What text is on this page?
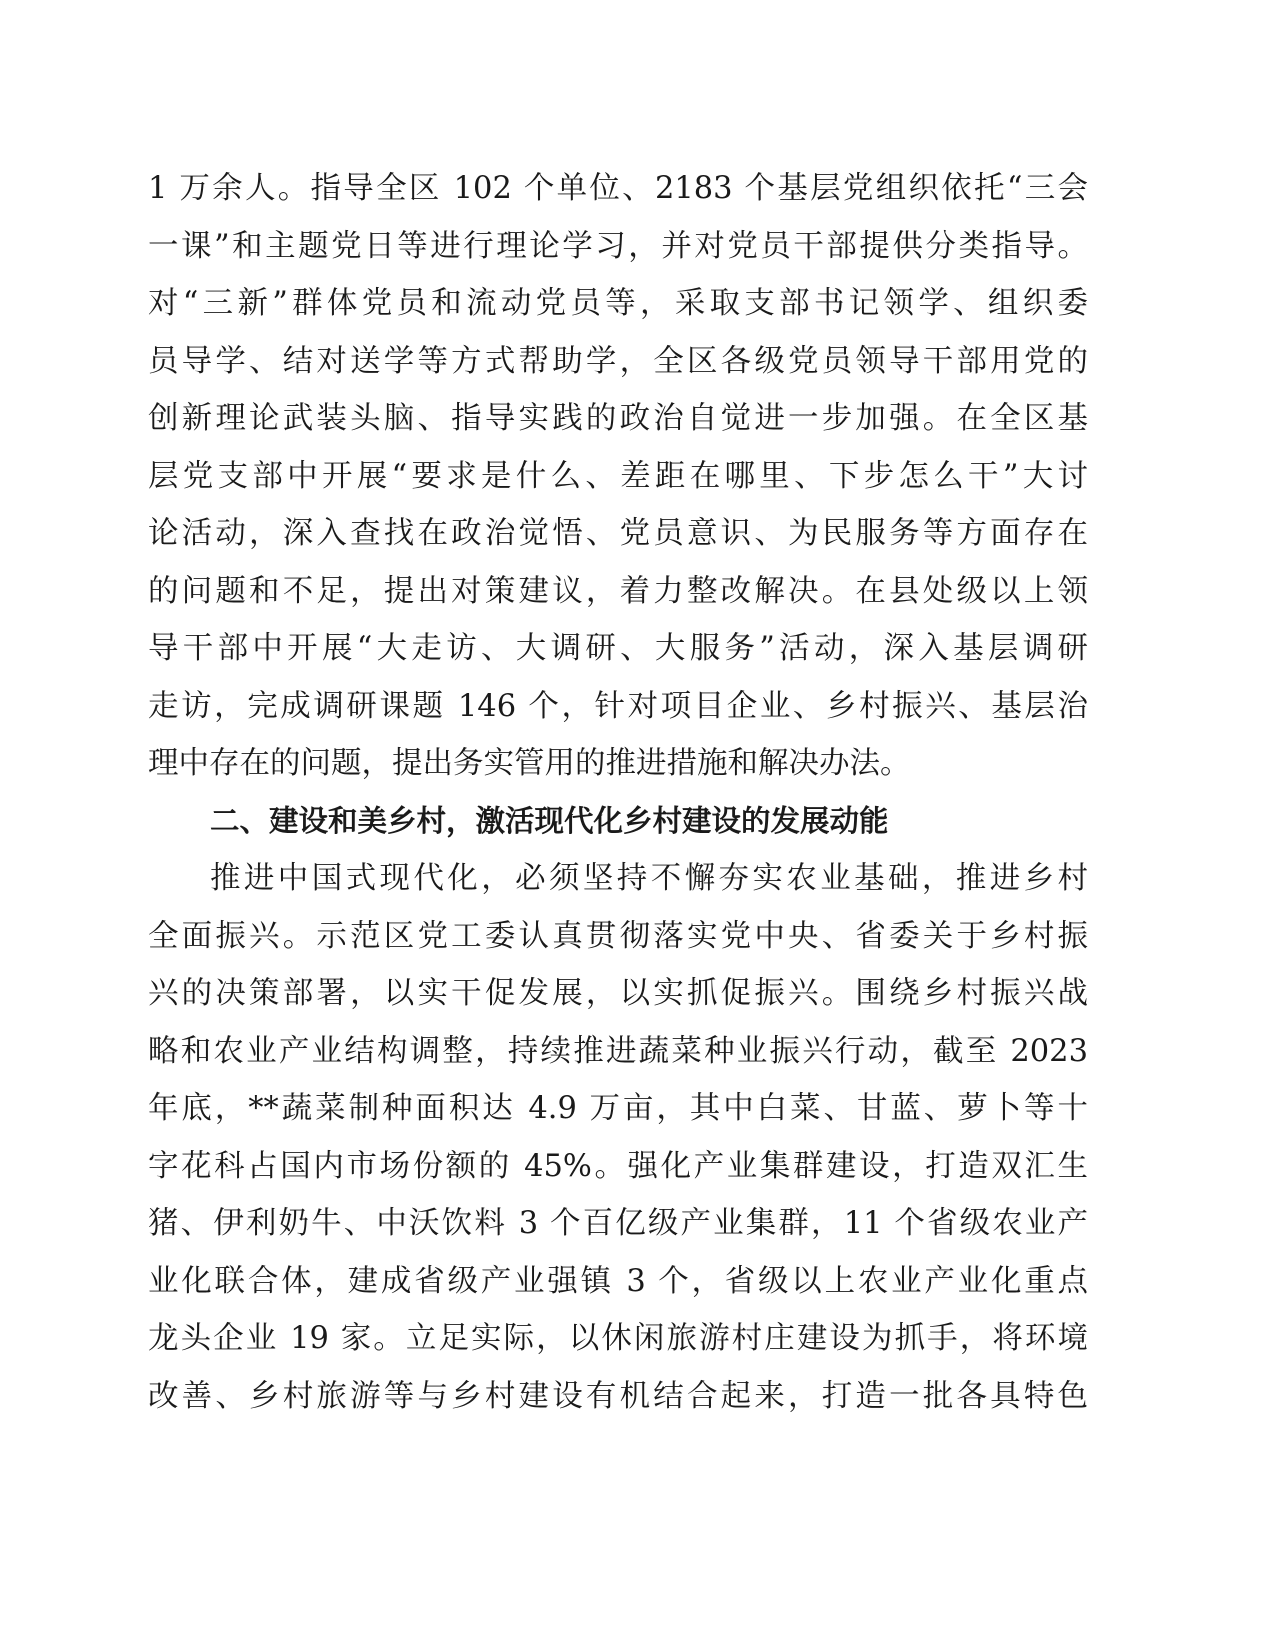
1 万余人。指导全区 102 个单位、2183 个基层党组织依托“三会
一课”和主题党日等进行理论学习，并对党员干部提供分类指导。
对“三新”群体党员和流动党员等，采取支部书记领学、组织委
员导学、结对送学等方式帮助学，全区各级党员领导干部用党的
创新理论武装头脑、指导实践的政治自觉进一步加强。在全区基
层党支部中开展“要求是什么、差距在哪里、下步怎么干”大讨
论活动，深入查找在政治觉悟、党员意识、为民服务等方面存在
的问题和不足，提出对策建议，着力整改解决。在县处级以上领
导干部中开展“大走访、大调研、大服务”活动，深入基层调研
走访，完成调研课题 146 个，针对项目企业、乡村振兴、基层治
理中存在的问题，提出务实管用的推进措施和解决办法。
二、建设和美乡村，激活现代化乡村建设的发展动能
推进中国式现代化，必须坚持不懈夯实农业基础，推进乡村
全面振兴。示范区党工委认真贯彻落实党中央、省委关于乡村振
兴的决策部署，以实干促发展，以实抓促振兴。围绕乡村振兴战
略和农业产业结构调整，持续推进蔬菜种业振兴行动，截至 2023
年底，**蔬菜制种面积达 4.9 万亩，其中白菜、甘蓝、萝卜等十
字花科占国内市场份额的 45%。强化产业集群建设，打造双汇生
猪、伊利奶牛、中沃饮料 3 个百亿级产业集群，11 个省级农业产
业化联合体，建成省级产业强镇 3 个，省级以上农业产业化重点
龙头企业 19 家。立足实际，以休闲旅游村庄建设为抓手，将环境
改善、乡村旅游等与乡村建设有机结合起来，打造一批各具特色
